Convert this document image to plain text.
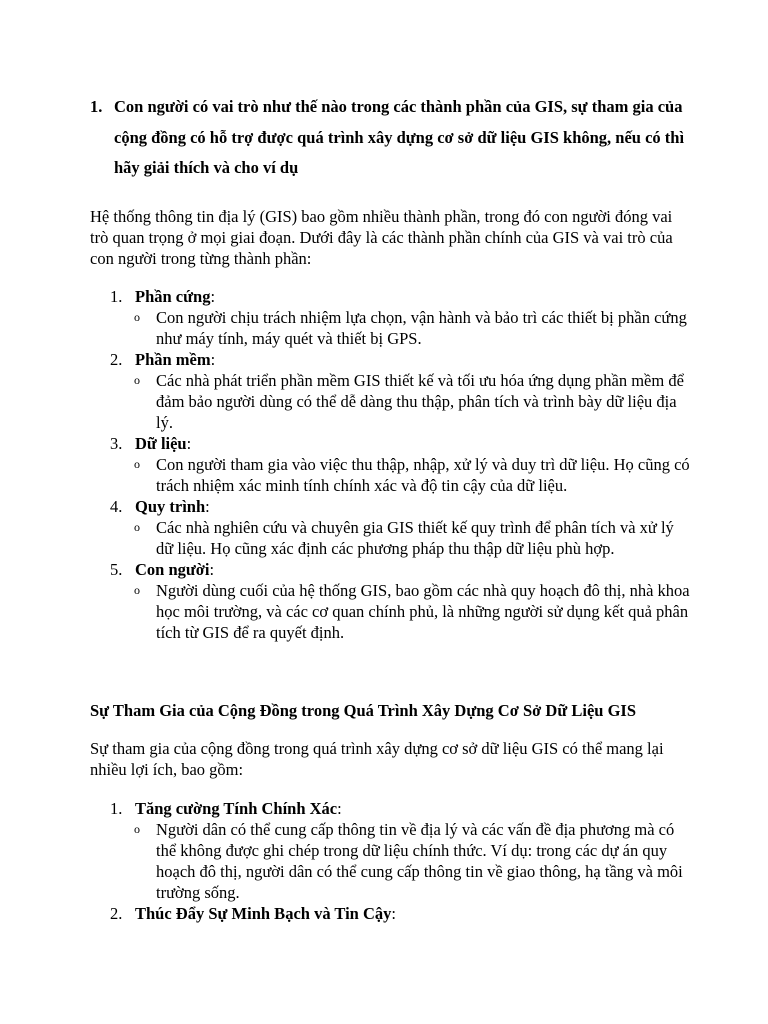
1. Con người có vai trò như thế nào trong các thành phần của GIS, sự tham gia của cộng đồng có hỗ trợ được quá trình xây dựng cơ sở dữ liệu GIS không, nếu có thì hãy giải thích và cho ví dụ
Hệ thống thông tin địa lý (GIS) bao gồm nhiều thành phần, trong đó con người đóng vai trò quan trọng ở mọi giai đoạn. Dưới đây là các thành phần chính của GIS và vai trò của con người trong từng thành phần:
1. Phần cứng:
o Con người chịu trách nhiệm lựa chọn, vận hành và bảo trì các thiết bị phần cứng như máy tính, máy quét và thiết bị GPS.
2. Phần mềm:
o Các nhà phát triển phần mềm GIS thiết kế và tối ưu hóa ứng dụng phần mềm để đảm bảo người dùng có thể dễ dàng thu thập, phân tích và trình bày dữ liệu địa lý.
3. Dữ liệu:
o Con người tham gia vào việc thu thập, nhập, xử lý và duy trì dữ liệu. Họ cũng có trách nhiệm xác minh tính chính xác và độ tin cậy của dữ liệu.
4. Quy trình:
o Các nhà nghiên cứu và chuyên gia GIS thiết kế quy trình để phân tích và xử lý dữ liệu. Họ cũng xác định các phương pháp thu thập dữ liệu phù hợp.
5. Con người:
o Người dùng cuối của hệ thống GIS, bao gồm các nhà quy hoạch đô thị, nhà khoa học môi trường, và các cơ quan chính phủ, là những người sử dụng kết quả phân tích từ GIS để ra quyết định.
Sự Tham Gia của Cộng Đồng trong Quá Trình Xây Dựng Cơ Sở Dữ Liệu GIS
Sự tham gia của cộng đồng trong quá trình xây dựng cơ sở dữ liệu GIS có thể mang lại nhiều lợi ích, bao gồm:
1. Tăng cường Tính Chính Xác:
o Người dân có thể cung cấp thông tin về địa lý và các vấn đề địa phương mà có thể không được ghi chép trong dữ liệu chính thức. Ví dụ: trong các dự án quy hoạch đô thị, người dân có thể cung cấp thông tin về giao thông, hạ tầng và môi trường sống.
2. Thúc Đẩy Sự Minh Bạch và Tin Cậy:
